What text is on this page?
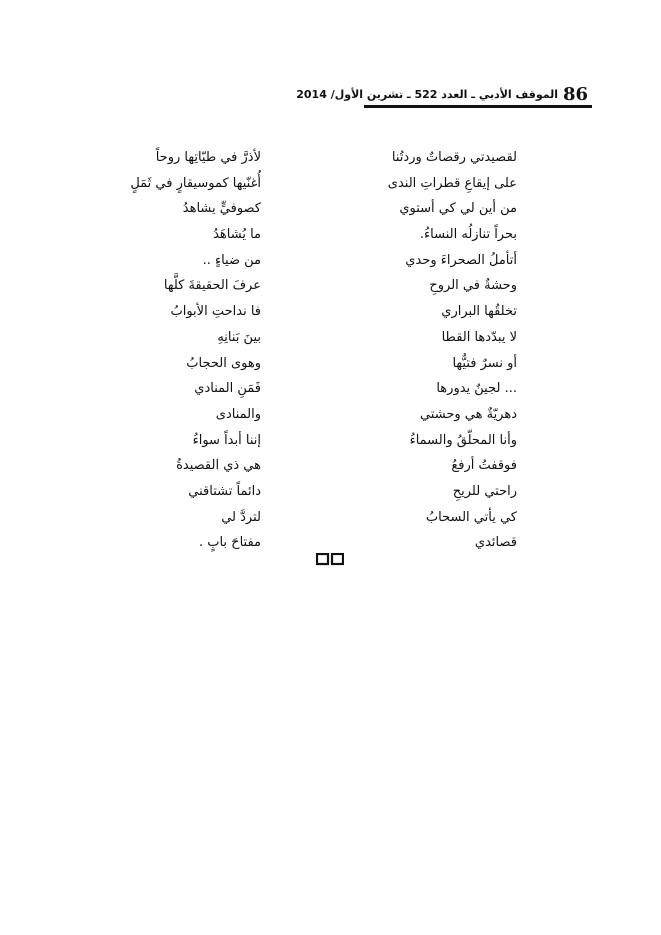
86
الموقف الأدبي ـ العدد 522 ـ تشرين الأول/ 2014
لقصيدتي رقصاتٌ وردتُنا
على إيقاعِ قطراتِ الندى
من أين لي كي أستوي
بحراً تنازلُه النساءُ.
أتأملُ الصحراءَ وحدي
وحشةٌ في الروحِ
تخلقُها البراري
لا يبدّدها القطا
أو نسرٌ فتيٌّها
... لجينٌ يدورها
دهريّةٌ هي وحشتي
وأنا المحلّقُ والسماءُ
فوقفتُ أرفعُ
راحتي للريحِ
كي يأتي السحابُ
قصائدي
لأذرَّ في طيّاتِها روحاً
أُغنّيها كموسيقارٍ في ثَمَلٍ
كصوفيٍّ يشاهدُ
ما يُشاهَدُ
من ضياءٍ ..
عرفَ الحقيقةَ كلَّها
فا نداحتِ الأبوابُ
بينَ بَنانِهِ
وهوى الحجابُ
فَمَنِ المنادي
والمنادى
إننا أبداً سواءُ
هي ذي القصيدةُ
دائماً تشتاقني
لتردَّ لي
مفتاحَ بابٍ .
